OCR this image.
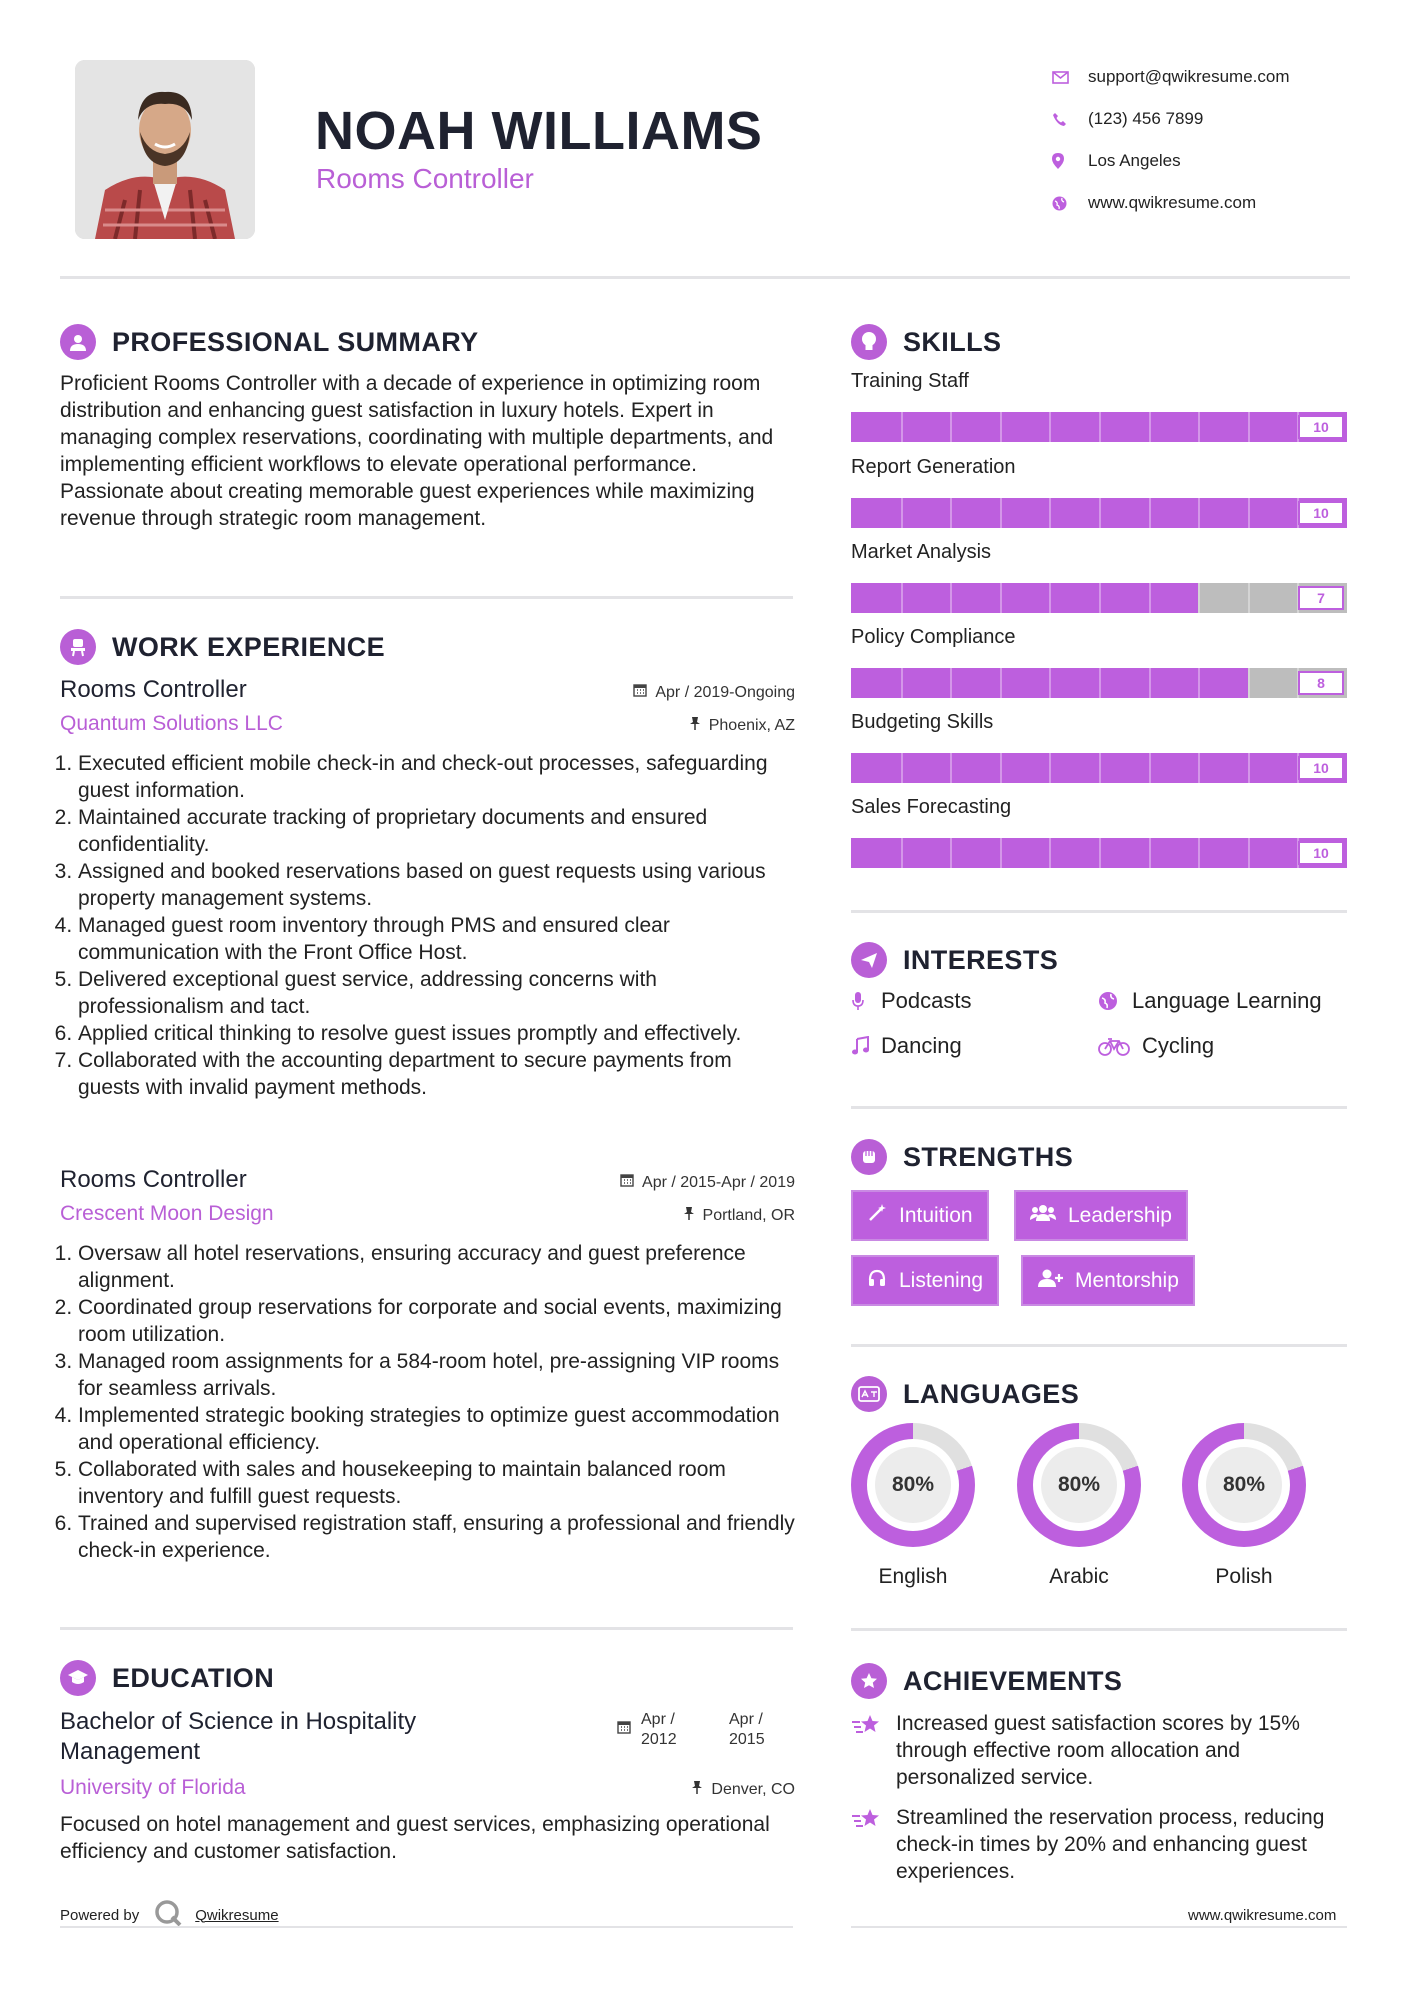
NOAH WILLIAMS
Rooms Controller
support@qwikresume.com
(123) 456 7899
Los Angeles
www.qwikresume.com
PROFESSIONAL SUMMARY
Proficient Rooms Controller with a decade of experience in optimizing room distribution and enhancing guest satisfaction in luxury hotels. Expert in managing complex reservations, coordinating with multiple departments, and implementing efficient workflows to elevate operational performance. Passionate about creating memorable guest experiences while maximizing revenue through strategic room management.
WORK EXPERIENCE
Rooms Controller	Apr / 2019-Ongoing
Quantum Solutions LLC	Phoenix, AZ
1. Executed efficient mobile check-in and check-out processes, safeguarding guest information.
2. Maintained accurate tracking of proprietary documents and ensured confidentiality.
3. Assigned and booked reservations based on guest requests using various property management systems.
4. Managed guest room inventory through PMS and ensured clear communication with the Front Office Host.
5. Delivered exceptional guest service, addressing concerns with professionalism and tact.
6. Applied critical thinking to resolve guest issues promptly and effectively.
7. Collaborated with the accounting department to secure payments from guests with invalid payment methods.
Rooms Controller	Apr / 2015-Apr / 2019
Crescent Moon Design	Portland, OR
1. Oversaw all hotel reservations, ensuring accuracy and guest preference alignment.
2. Coordinated group reservations for corporate and social events, maximizing room utilization.
3. Managed room assignments for a 584-room hotel, pre-assigning VIP rooms for seamless arrivals.
4. Implemented strategic booking strategies to optimize guest accommodation and operational efficiency.
5. Collaborated with sales and housekeeping to maintain balanced room inventory and fulfill guest requests.
6. Trained and supervised registration staff, ensuring a professional and friendly check-in experience.
EDUCATION
Bachelor of Science in Hospitality
Management
Apr /
2012
Apr /
2015
University of Florida	Denver, CO
Focused on hotel management and guest services, emphasizing operational efficiency and customer satisfaction.
SKILLS
Training Staff
10
Report Generation
10
Market Analysis
7
Policy Compliance
8
Budgeting Skills
10
Sales Forecasting
10
INTERESTS
Podcasts	Language Learning
Dancing	Cycling
STRENGTHS
Intuition	Leadership
Listening	Mentorship
LANGUAGES
80%
English
80%
Arabic
80%
Polish
ACHIEVEMENTS
Increased guest satisfaction scores by 15% through effective room allocation and personalized service.
Streamlined the reservation process, reducing check-in times by 20% and enhancing guest experiences.
Powered by	Qwikresume	www.qwikresume.com
